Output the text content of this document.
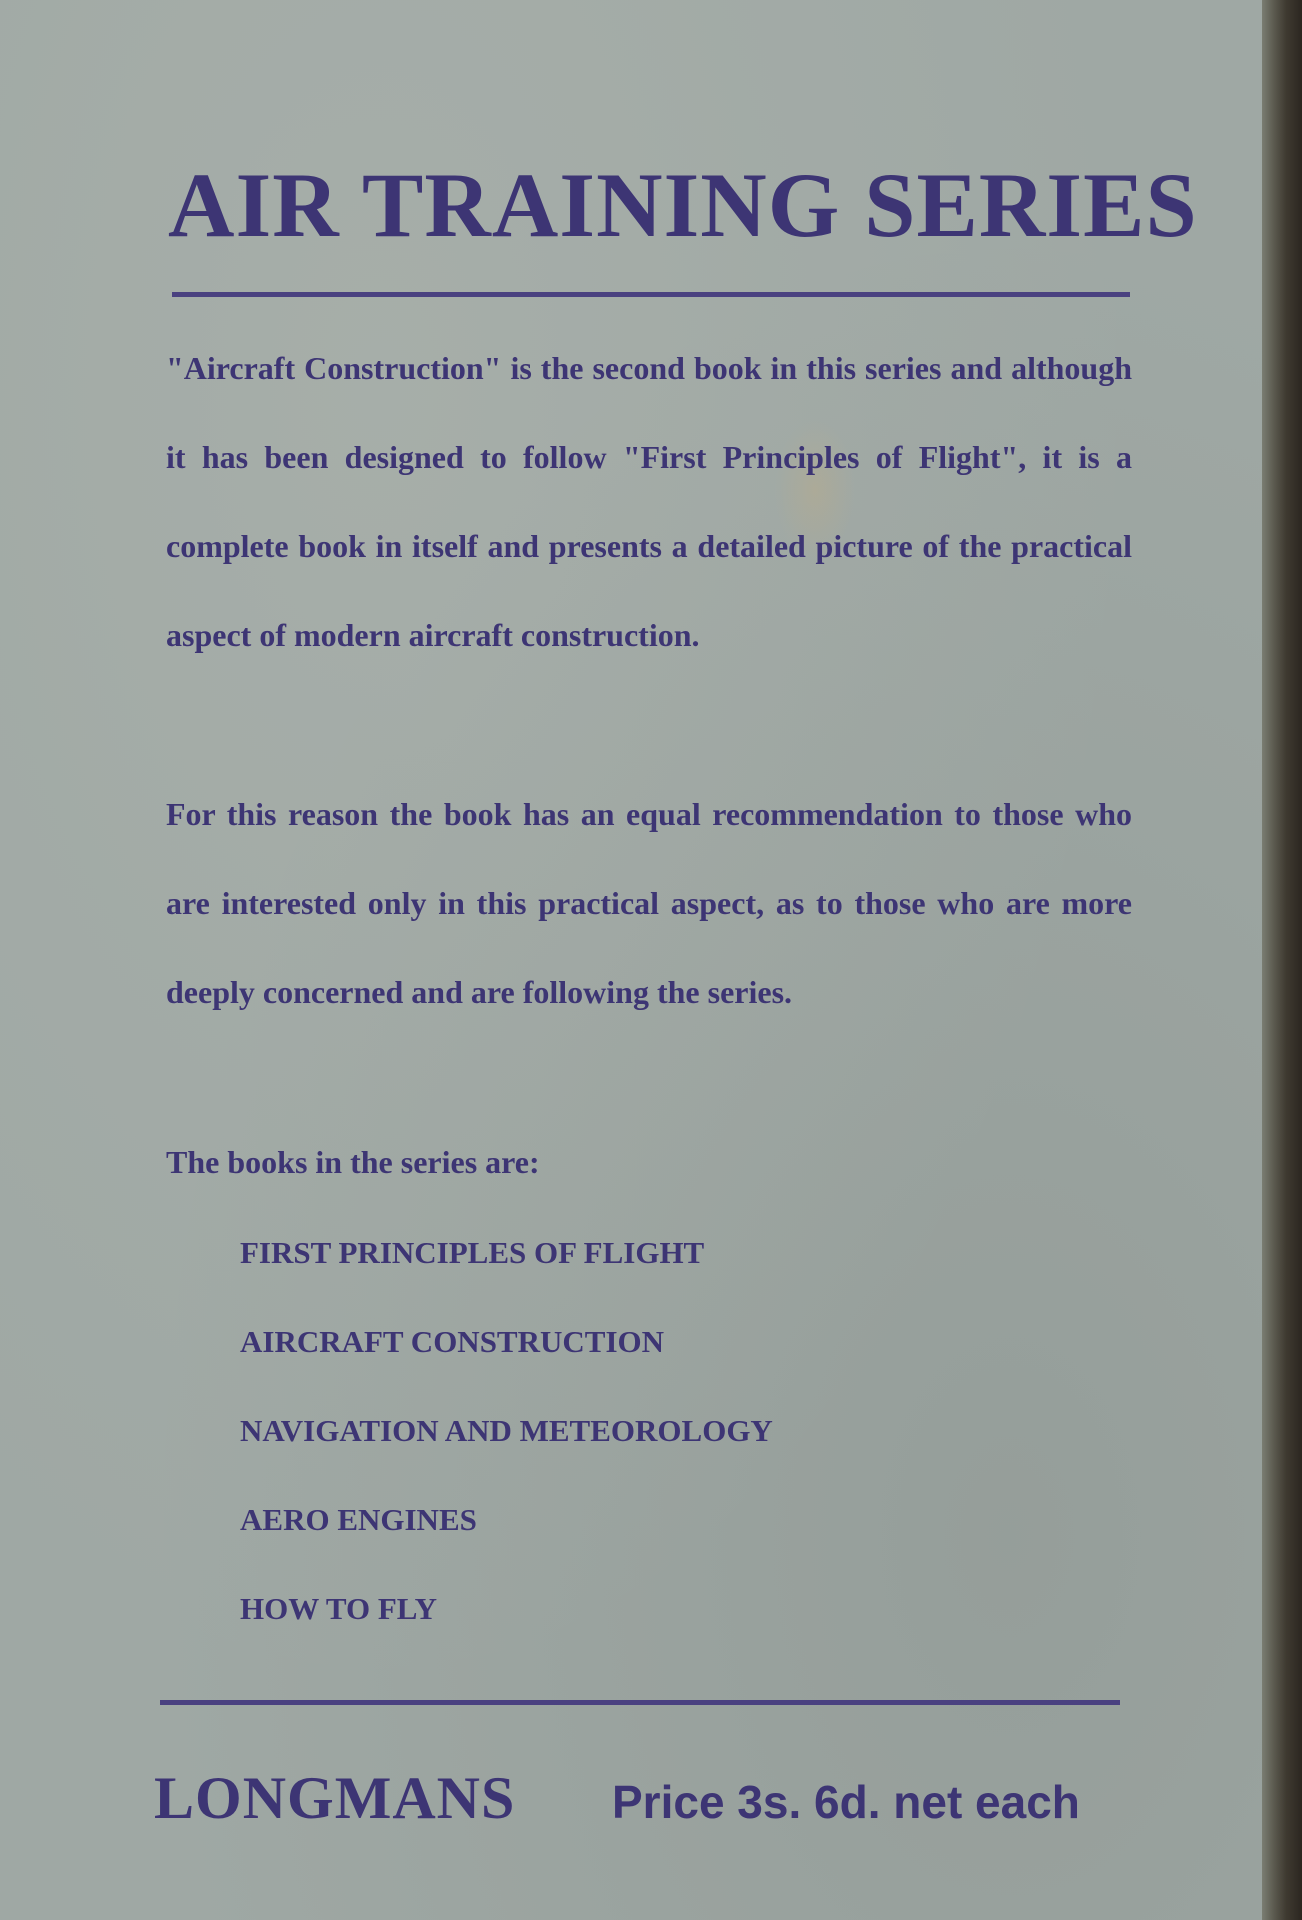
AIR TRAINING SERIES

"Aircraft Construction" is the second book in this series and although it has been designed to follow "First Principles of Flight", it is a complete book in itself and presents a detailed picture of the practical aspect of modern aircraft construction.

For this reason the book has an equal recommendation to those who are interested only in this practical aspect, as to those who are more deeply concerned and are following the series.

The books in the series are:

FIRST PRINCIPLES OF FLIGHT
AIRCRAFT CONSTRUCTION
NAVIGATION AND METEOROLOGY
AERO ENGINES
HOW TO FLY

LONGMANS Price 3s. 6d. net each
